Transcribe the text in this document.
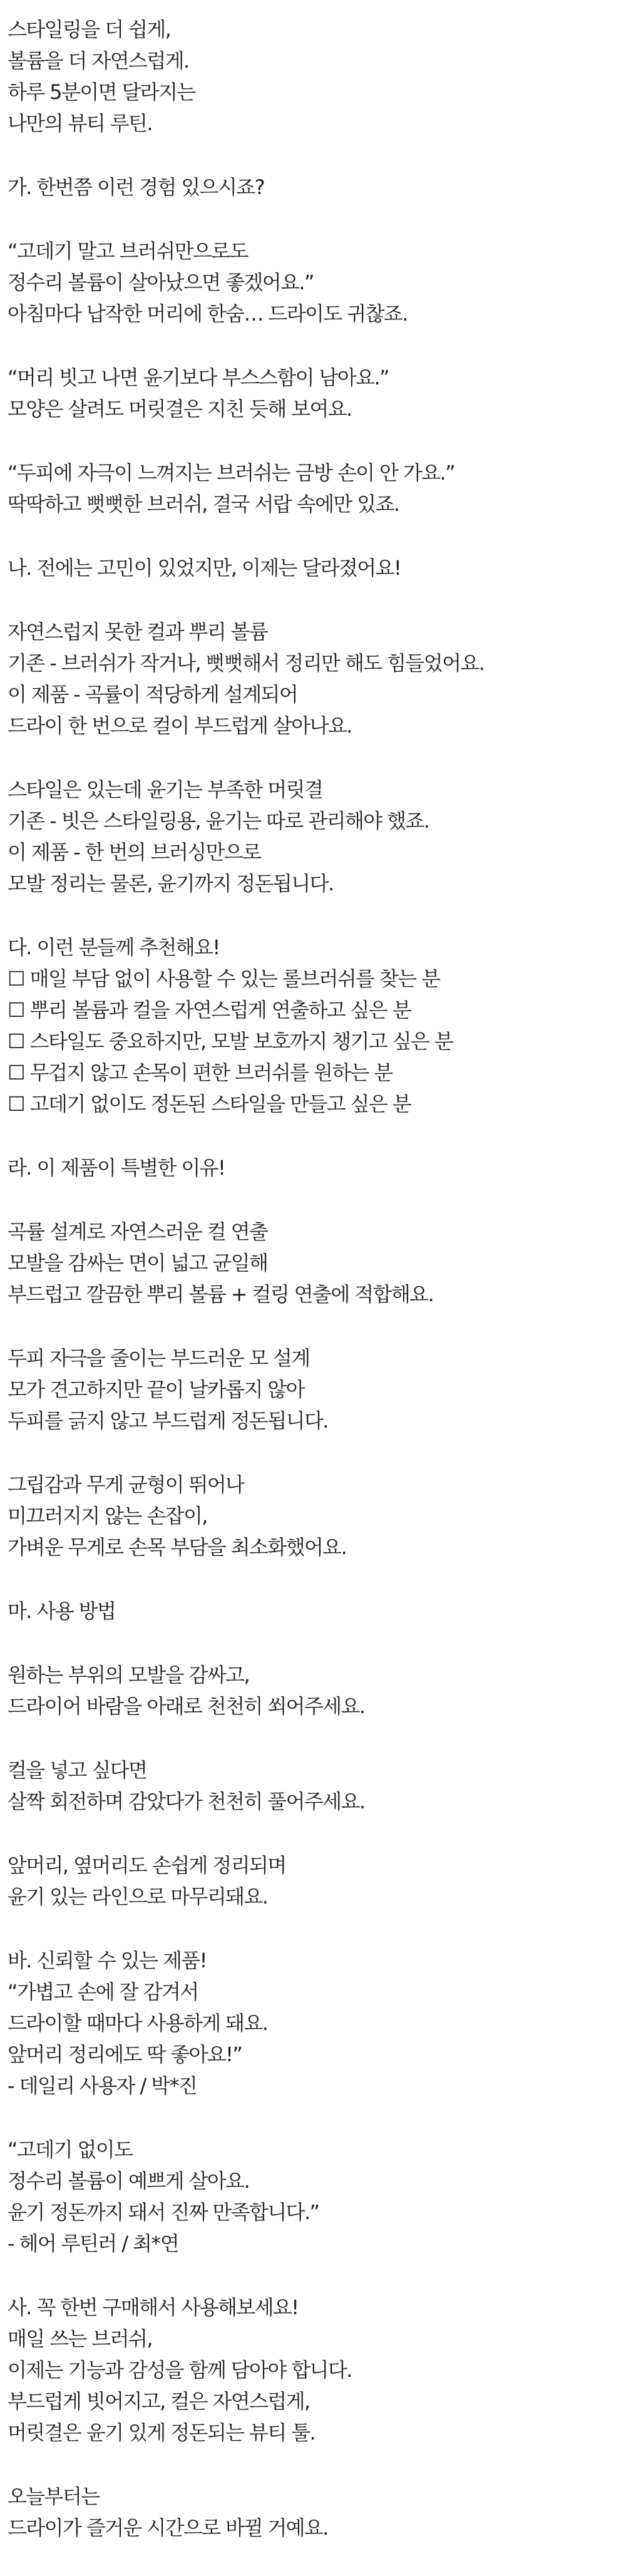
스타일링을 더 쉽게,
볼륨을 더 자연스럽게.
하루 5분이면 달라지는
나만의 뷰티 루틴.
가. 한번쯤 이런 경험 있으시죠?
“고데기 말고 브러쉬만으로도
정수리 볼륨이 살아났으면 좋겠어요.”
아침마다 납작한 머리에 한숨… 드라이도 귀찮죠.
“머리 빗고 나면 윤기보다 부스스함이 남아요.”
모양은 살려도 머릿결은 지친 듯해 보여요.
“두피에 자극이 느껴지는 브러쉬는 금방 손이 안 가요.”
딱딱하고 뻣뻣한 브러쉬, 결국 서랍 속에만 있죠.
나. 전에는 고민이 있었지만, 이제는 달라졌어요!
자연스럽지 못한 컬과 뿌리 볼륨
기존 - 브러쉬가 작거나, 뻣뻣해서 정리만 해도 힘들었어요.
이 제품 - 곡률이 적당하게 설계되어
드라이 한 번으로 컬이 부드럽게 살아나요.
스타일은 있는데 윤기는 부족한 머릿결
기존 - 빗은 스타일링용, 윤기는 따로 관리해야 했죠.
이 제품 - 한 번의 브러싱만으로
모발 정리는 물론, 윤기까지 정돈됩니다.
다. 이런 분들께 추천해요!
☐ 매일 부담 없이 사용할 수 있는 롤브러쉬를 찾는 분
☐ 뿌리 볼륨과 컬을 자연스럽게 연출하고 싶은 분
☐ 스타일도 중요하지만, 모발 보호까지 챙기고 싶은 분
☐ 무겁지 않고 손목이 편한 브러쉬를 원하는 분
☐ 고데기 없이도 정돈된 스타일을 만들고 싶은 분
라. 이 제품이 특별한 이유!
곡률 설계로 자연스러운 컬 연출
모발을 감싸는 면이 넓고 균일해
부드럽고 깔끔한 뿌리 볼륨 + 컬링 연출에 적합해요.
두피 자극을 줄이는 부드러운 모 설계
모가 견고하지만 끝이 날카롭지 않아
두피를 긁지 않고 부드럽게 정돈됩니다.
그립감과 무게 균형이 뛰어나
미끄러지지 않는 손잡이,
가벼운 무게로 손목 부담을 최소화했어요.
마. 사용 방법
원하는 부위의 모발을 감싸고,
드라이어 바람을 아래로 천천히 쐬어주세요.
컬을 넣고 싶다면
살짝 회전하며 감았다가 천천히 풀어주세요.
앞머리, 옆머리도 손쉽게 정리되며
윤기 있는 라인으로 마무리돼요.
바. 신뢰할 수 있는 제품!
“가볍고 손에 잘 감겨서
드라이할 때마다 사용하게 돼요.
앞머리 정리에도 딱 좋아요!”
- 데일리 사용자 / 박*진
“고데기 없이도
정수리 볼륨이 예쁘게 살아요.
윤기 정돈까지 돼서 진짜 만족합니다.”
- 헤어 루틴러 / 최*연
사. 꼭 한번 구매해서 사용해보세요!
매일 쓰는 브러쉬,
이제는 기능과 감성을 함께 담아야 합니다.
부드럽게 빗어지고, 컬은 자연스럽게,
머릿결은 윤기 있게 정돈되는 뷰티 툴.
오늘부터는
드라이가 즐거운 시간으로 바뀔 거예요.
